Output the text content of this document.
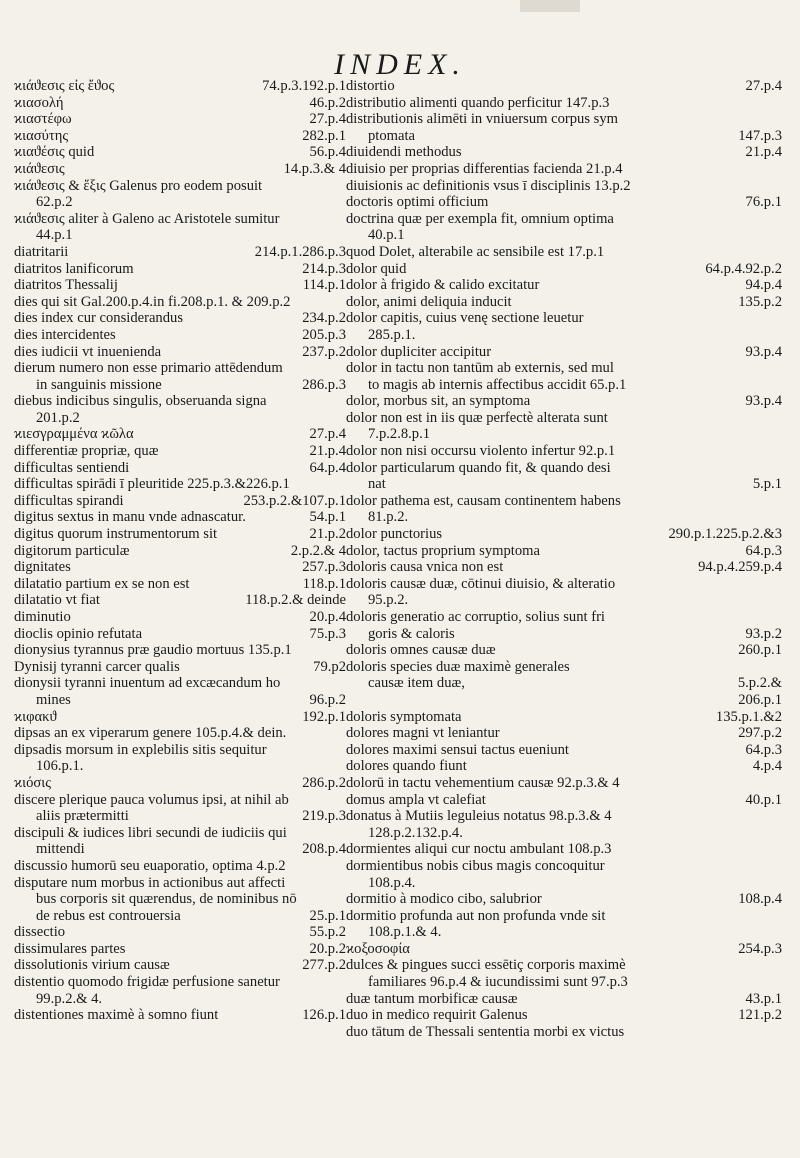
INDEX.
ϰιάϑεσις εἰς ἔϑος	74.p.3.192.p.1
ϰιασολή	46.p.2
ϰιαστέφω	27.p.4
ϰιασύτης	282.p.1
ϰιαϑέσις quid	56.p.4
ϰιάϑεσις	14.p.3.& 4
ϰιάϑεσις & ἕξις Galenus pro eodem posuit
62.p.2
ϰιάϑεσις aliter à Galeno ac Aristotele sumitur
44.p.1
diatritarii	214.p.1.286.p.3
diatritos lanificorum	214.p.3
diatritos Thessalij	114.p.1
dies qui sit Gal.200.p.4.in fi.208.p.1. & 209.p.2
dies index cur considerandus	234.p.2
dies intercidentes	205.p.3
dies iudicii vt inuenienda	237.p.2
dierum numero non esse primario attēdendum
in sanguinis missione	286.p.3
diebus indicibus singulis, obseruanda signa
201.p.2
ϰιεσγραμμένα ϰῶλα	27.p.4
differentiæ propriæ, quæ	21.p.4
difficultas sentiendi	64.p.4
difficultas spirādi ī pleuritide 225.p.3.&226.p.1
difficultas spirandi	253.p.2.&107.p.1
digitus sextus in manu vnde adnascatur.	54.p.1
digitus quorum instrumentorum sit	21.p.2
digitorum particulæ	2.p.2.& 4
dignitates	257.p.3
dilatatio partium ex se non est	118.p.1
dilatatio vt fiat	118.p.2.& deinde
diminutio	20.p.4
dioclis opinio refutata	75.p.3
dionysius tyrannus præ gaudio mortuus 135.p.1
Dynisij tyranni carcer qualis	79.p2
dionysii tyranni inuentum ad excæcandum ho
mines	96.p.2
ϰιφακϑ	192.p.1
dipsas an ex viperarum genere 105.p.4.& dein.
dipsadis morsum in explebilis sitis sequitur
106.p.1.
ϰιόσις	286.p.2
discere plerique pauca volumus ipsi, at nihil ab
aliis prætermitti	219.p.3
discipuli & iudices libri secundi de iudiciis qui
mittendi	208.p.4
discussio humorū seu euaporatio, optima 4.p.2
disputare num morbus in actionibus aut affecti
bus corporis sit quærendus, de nominibus nō
de rebus est controuersia	25.p.1
dissectio	55.p.2
dissimulares partes	20.p.2
dissolutionis virium causæ	277.p.2
distentio quomodo frigidæ perfusione sanetur
99.p.2.& 4.
distentiones maximè à somno fiunt	126.p.1
distortio	27.p.4
distributio alimenti quando perficitur 147.p.3
distributionis alimēti in vniuersum corpus sym
ptomata	147.p.3
diuidendi methodus	21.p.4
diuisio per proprias differentias facienda 21.p.4
diuisionis ac definitionis vsus ī disciplinis 13.p.2
doctoris optimi officium	76.p.1
doctrina quæ per exempla fit, omnium optima
40.p.1
quod Dolet, alterabile ac sensibile est 17.p.1
dolor quid	64.p.4.92.p.2
dolor à frigido & calido excitatur	94.p.4
dolor, animi deliquia inducit	135.p.2
dolor capitis, cuius venę sectione leuetur
285.p.1.
dolor dupliciter accipitur	93.p.4
dolor in tactu non tantūm ab externis, sed mul
to magis ab internis affectibus accidit 65.p.1
dolor, morbus sit, an symptoma	93.p.4
dolor non est in iis quæ perfectè alterata sunt
7.p.2.8.p.1
dolor non nisi occursu violento infertur 92.p.1
dolor particularum quando fit, & quando desi
nat	5.p.1
dolor pathema est, causam continentem habens
81.p.2.
dolor punctorius	290.p.1.225.p.2.&3
dolor, tactus proprium symptoma	64.p.3
doloris causa vnica non est	94.p.4.259.p.4
doloris causæ duæ, cōtinui diuisio, & alteratio
95.p.2.
doloris generatio ac corruptio, solius sunt fri
goris & caloris	93.p.2
doloris omnes causæ duæ	260.p.1
doloris species duæ maximè generales
causæ item duæ,	5.p.2.&
206.p.1
doloris symptomata	135.p.1.&2
dolores magni vt leniantur	297.p.2
dolores maximi sensui tactus eueniunt	64.p.3
dolores quando fiunt	4.p.4
dolorū in tactu vehementium causæ 92.p.3.& 4
domus ampla vt calefiat	40.p.1
donatus à Mutiis leguleius notatus 98.p.3.& 4
128.p.2.132.p.4.
dormientes aliqui cur noctu ambulant 108.p.3
dormientibus nobis cibus magis concoquitur
108.p.4.
dormitio à modico cibo, salubrior	108.p.4
dormitio profunda aut non profunda vnde sit
108.p.1.& 4.
ϰοξοσοφία	254.p.3
dulces & pingues succi essētiç corporis maximè
familiares 96.p.4 & iucundissimi sunt 97.p.3
duæ tantum morbificæ causæ	43.p.1
duo in medico requirit Galenus	121.p.2
duo tātum de Thessali sententia morbi ex victus
